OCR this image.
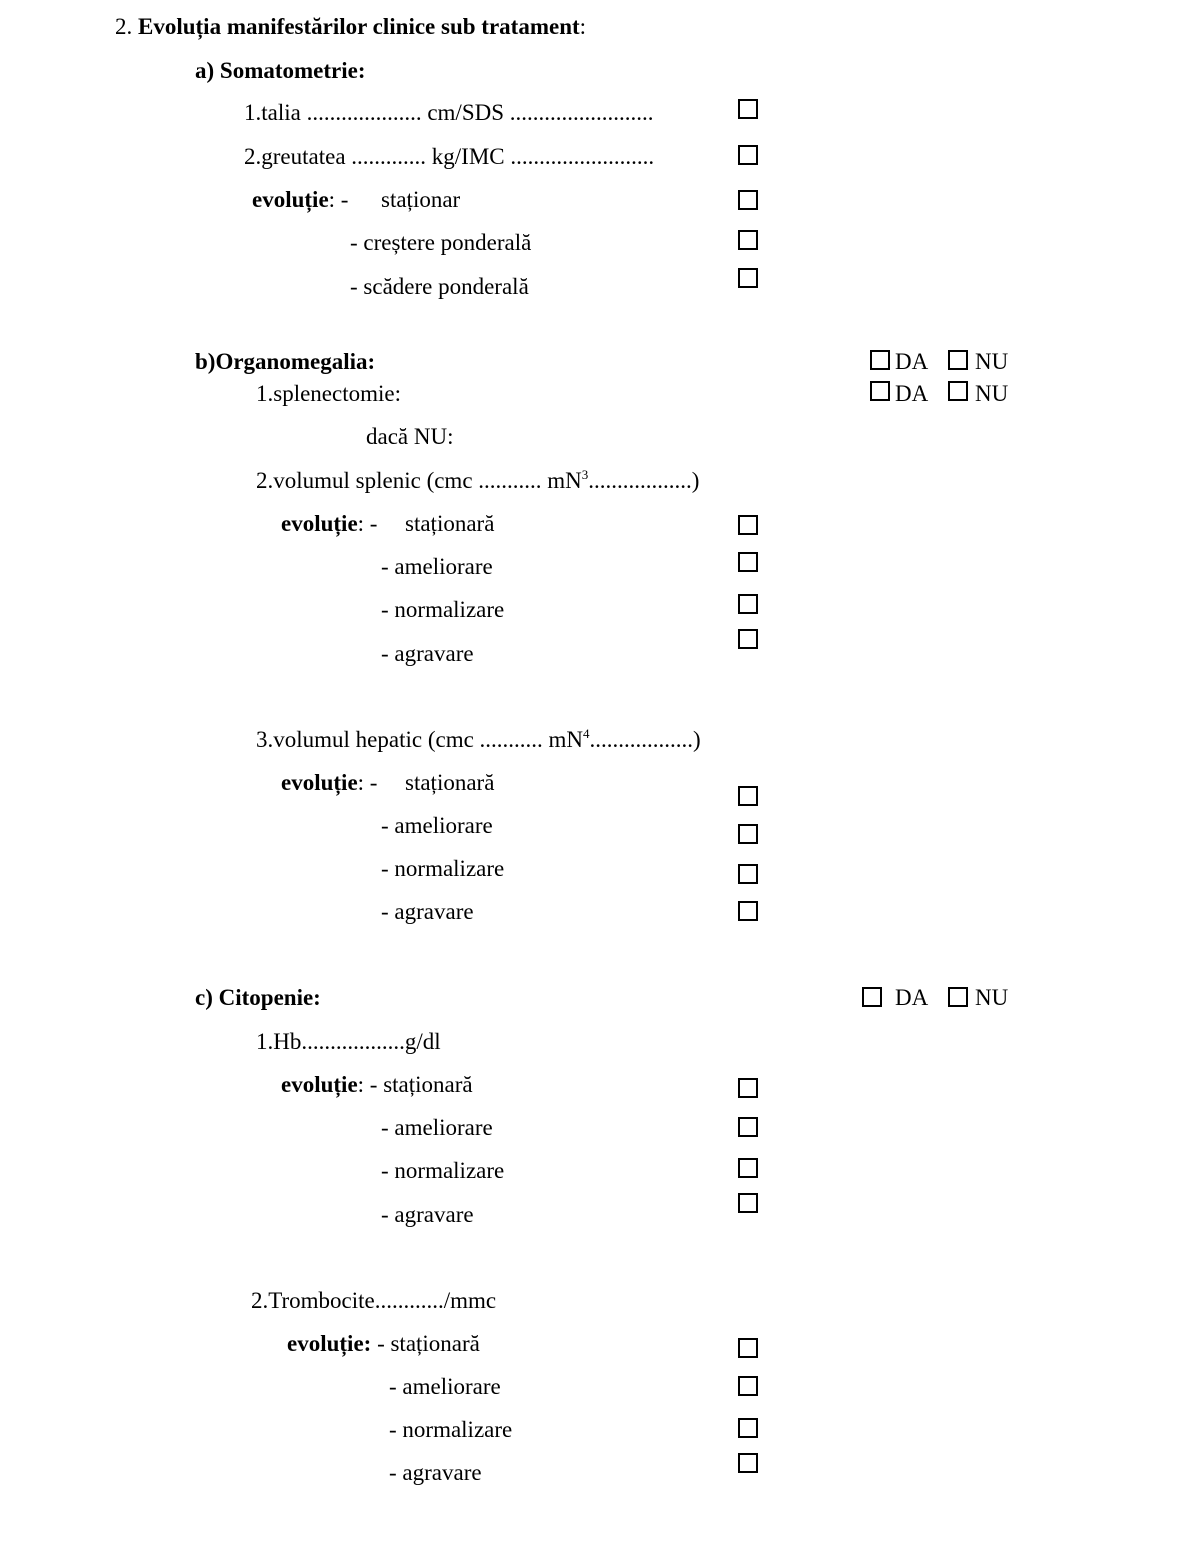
2. Evoluția manifestărilor clinice sub tratament:
a) Somatometrie:
1.talia .................... cm/SDS .........................
2.greutatea ............. kg/IMC .........................
evoluție: - staționar
- creștere ponderală
- scădere ponderală
b)Organomegalia:	DA NU
1.splenectomie:	DA NU
dacă NU:
2.volumul splenic (cmc ........... $mN^3$..................)
evoluție: - staționară
- ameliorare
- normalizare
- agravare
3.volumul hepatic (cmc ........... $mN^4$..................)
evoluție: - staționară
- ameliorare
- normalizare
- agravare
c) Citopenie:	DA NU
1.Hb..................g/dl
evoluție: - staționară
- ameliorare
- normalizare
- agravare
2.Trombocite............/mmc
evoluție: - staționară
- ameliorare
- normalizare
- agravare
